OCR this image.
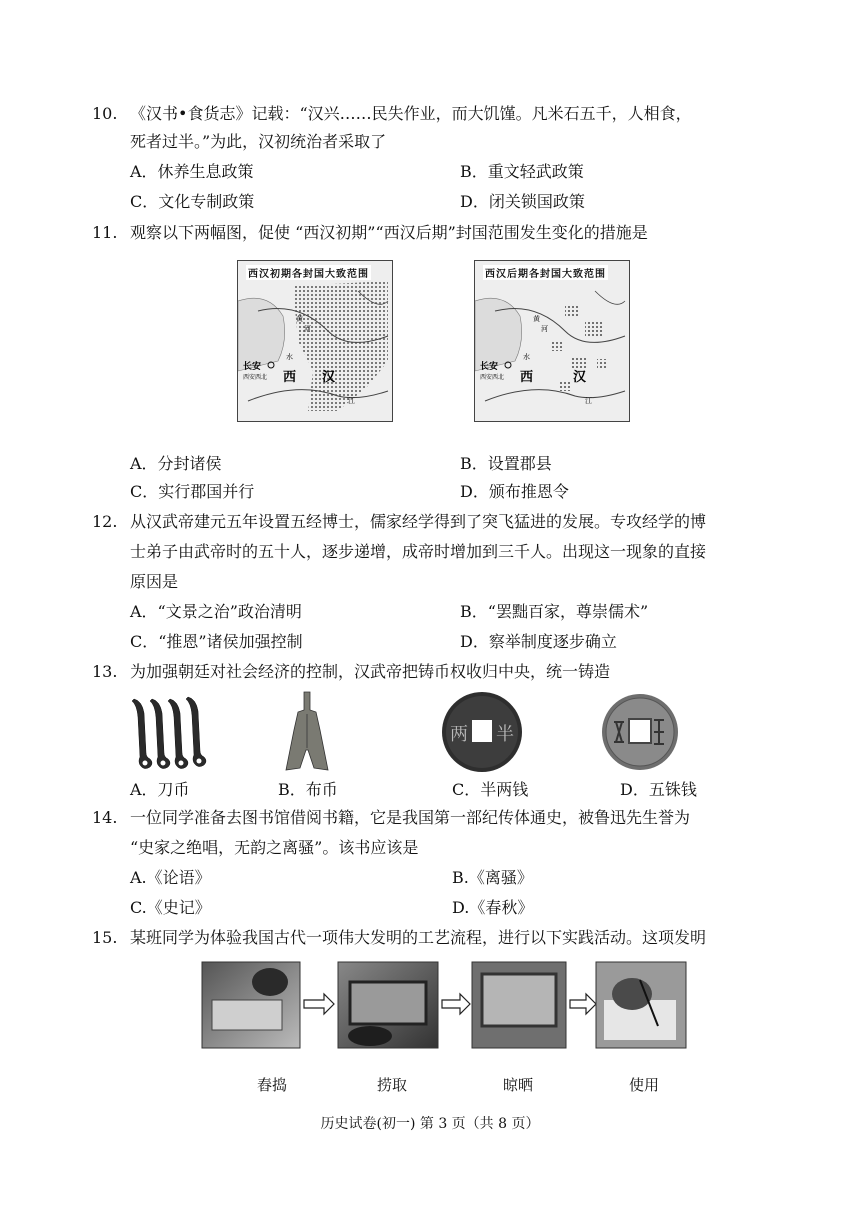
10. 《汉书•食货志》记载：“汉兴……民失作业，而大饥馑。凡米石五千，人相食，
死者过半。”为此，汉初统治者采取了
A．休养生息政策	B．重文轻武政策
C．文化专制政策	D．闭关锁国政策
11. 观察以下两幅图，促使 “西汉初期”“西汉后期”封国范围发生变化的措施是
长安
西安西北 西 汉
黄
河
水
江
西汉初期各封国大致范围
长安
西安西北 西	汉
黄
河
水
江
西汉后期各封国大致范围
A．分封诸侯	B．设置郡县
C．实行郡国并行	D．颁布推恩令
12. 从汉武帝建元五年设置五经博士，儒家经学得到了突飞猛进的发展。专攻经学的博
士弟子由武帝时的五十人，逐步递增，成帝时增加到三千人。出现这一现象的直接
原因是
A．“文景之治”政治清明	B．“罢黜百家，尊崇儒术”
C．“推恩”诸侯加强控制	D．察举制度逐步确立
13. 为加强朝廷对社会经济的控制，汉武帝把铸币权收归中央，统一铸造
两 半
A．刀币	B．布币	C．半两钱	D．五铢钱
14. 一位同学准备去图书馆借阅书籍，它是我国第一部纪传体通史，被鲁迅先生誉为
“史家之绝唱，无韵之离骚”。该书应该是
A.《论语》	B.《离骚》
C.《史记》	D.《春秋》
15. 某班同学为体验我国古代一项伟大发明的工艺流程，进行以下实践活动。这项发明
舂捣	捞取	晾晒	使用
历史试卷(初一) 第 3 页（共 8 页）
